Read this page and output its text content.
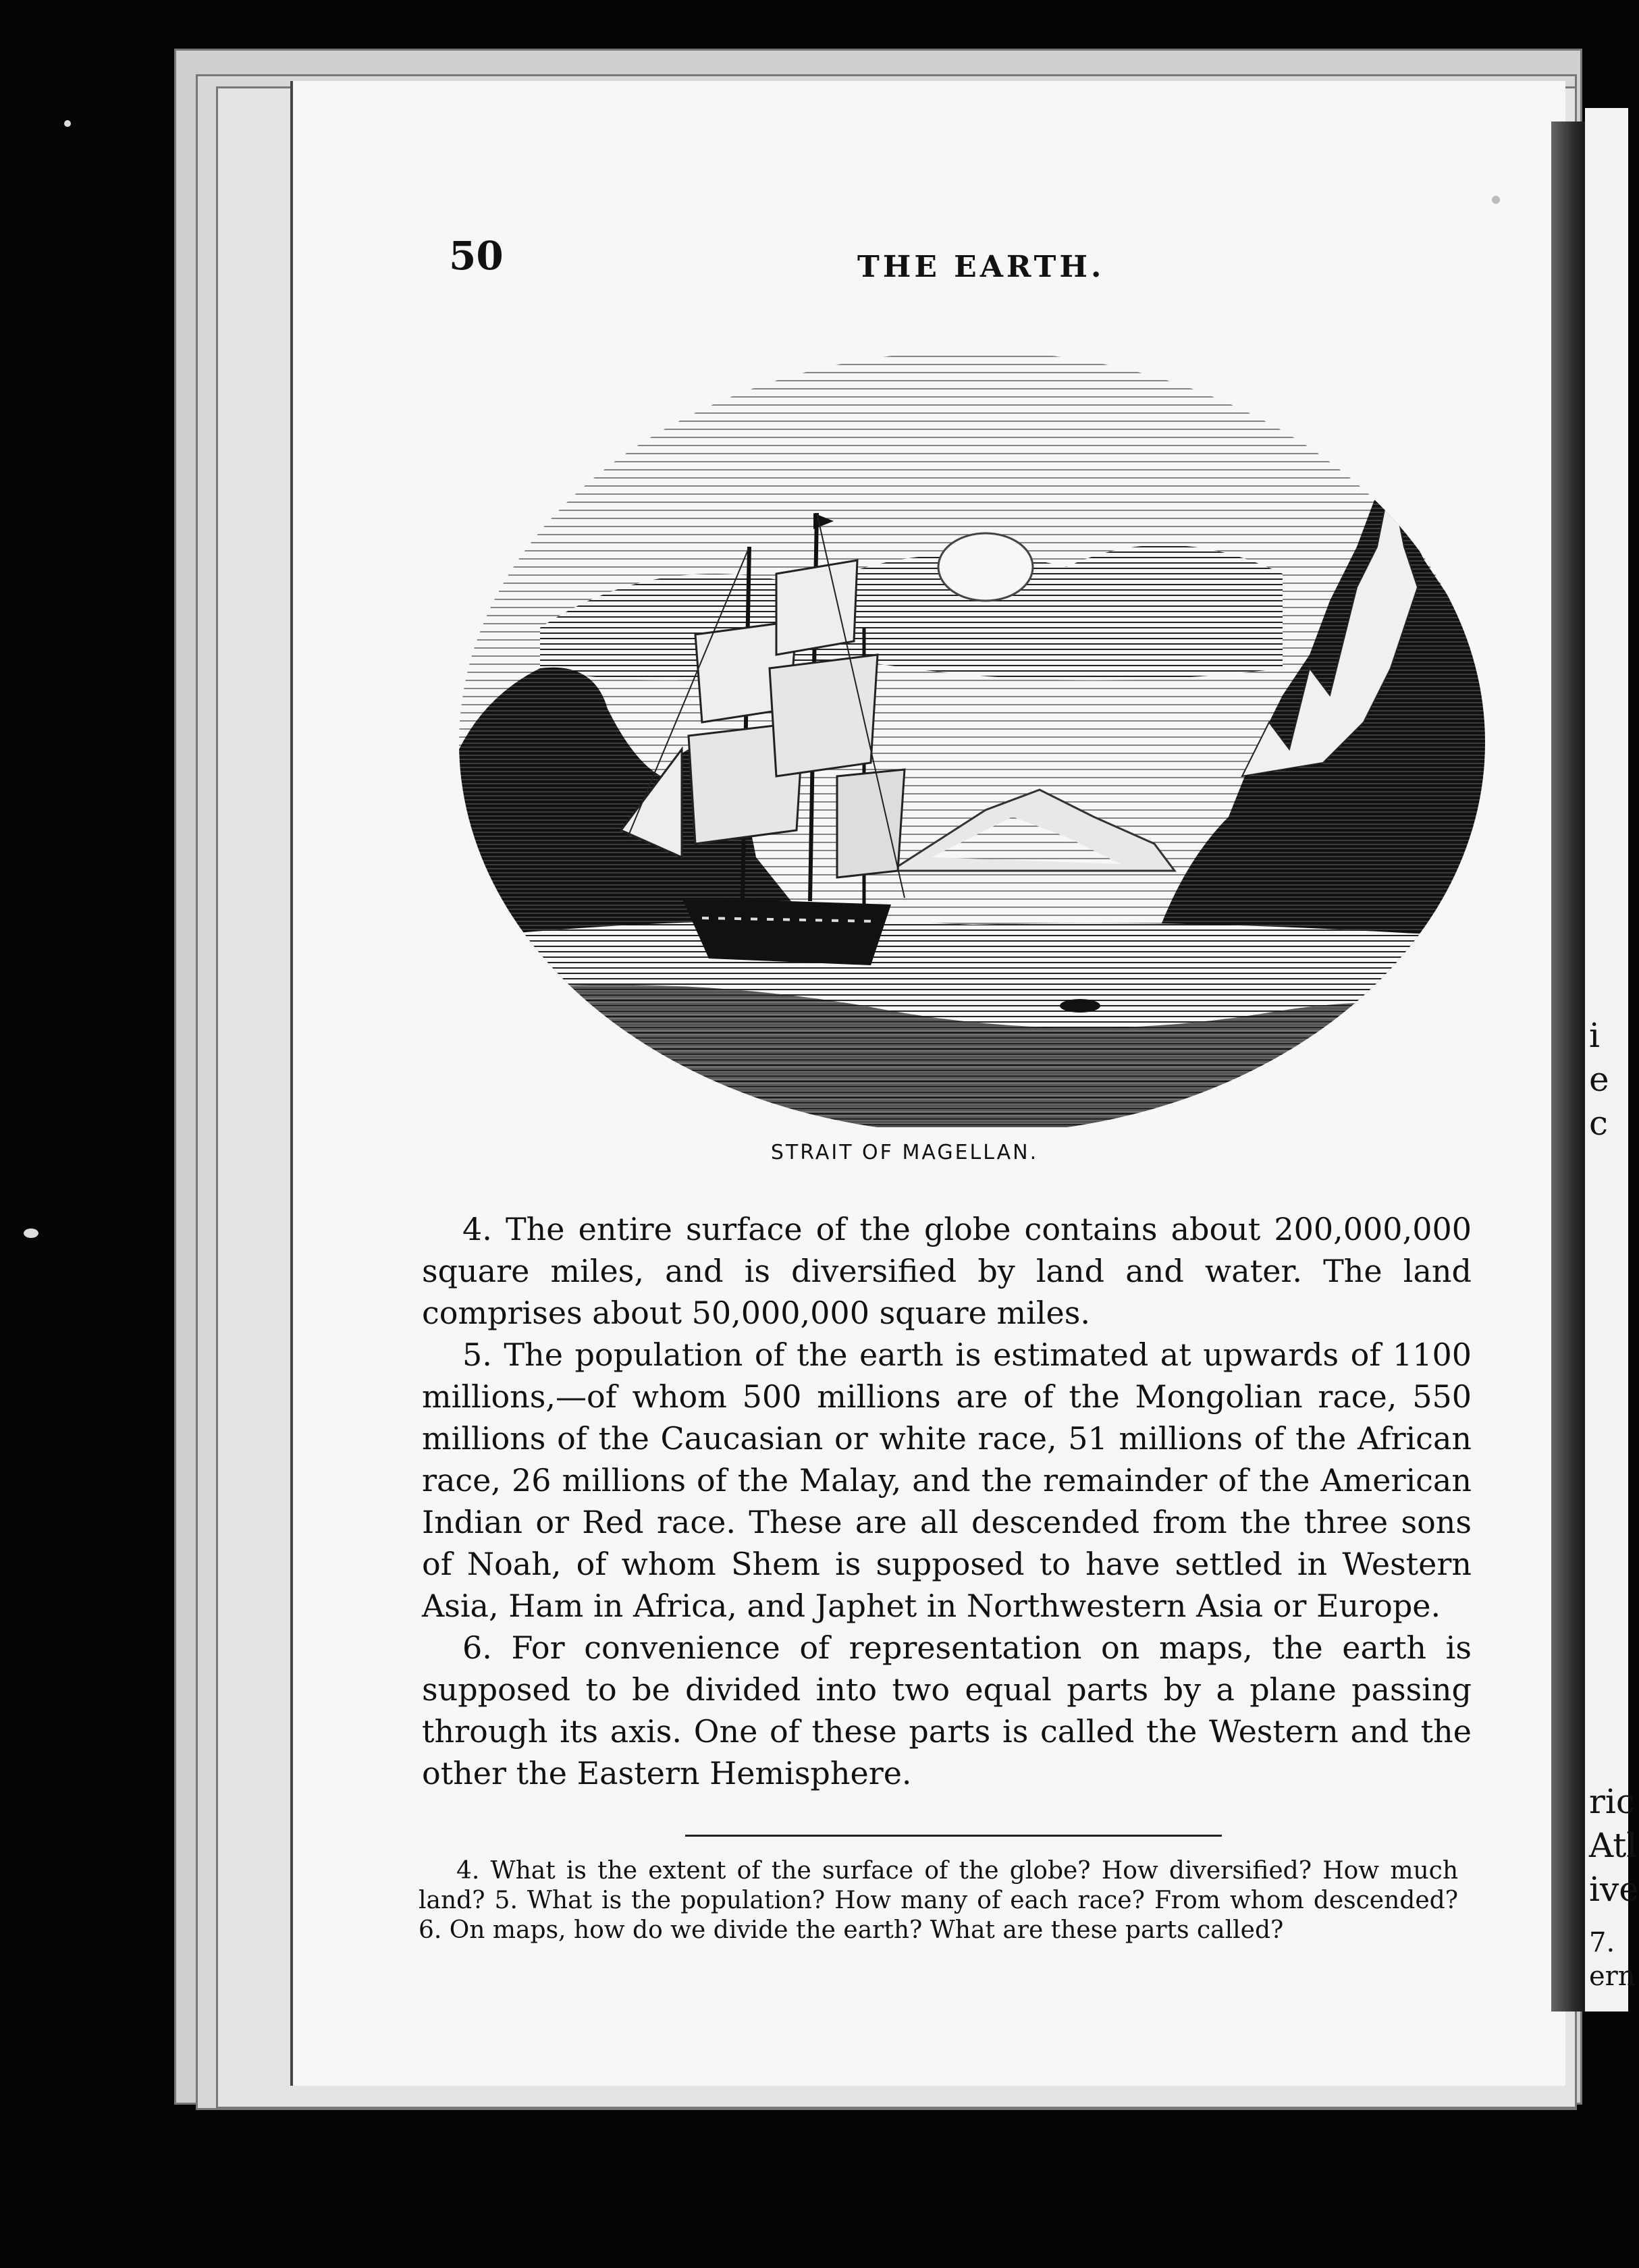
i
e
c
ric
Atl
ive
7.
ern
50	THE EARTH.
STRAIT OF MAGELLAN.

4. The entire surface of the globe contains about 200,000,000 square miles, and is diversified by land and water. The land comprises about 50,000,000 square miles.

5. The population of the earth is estimated at upwards of 1100 millions,—of whom 500 millions are of the Mongolian race, 550 millions of the Caucasian or white race, 51 millions of the African race, 26 millions of the Malay, and the remainder of the American Indian or Red race. These are all descended from the three sons of Noah, of whom Shem is supposed to have settled in Western Asia, Ham in Africa, and Japhet in Northwestern Asia or Europe.

6. For convenience of representation on maps, the earth is supposed to be divided into two equal parts by a plane passing through its axis. One of these parts is called the Western and the other the Eastern Hemisphere.

4. What is the extent of the surface of the globe? How diversified? How much land? 5. What is the population? How many of each race? From whom descended? 6. On maps, how do we divide the earth? What are these parts called?
